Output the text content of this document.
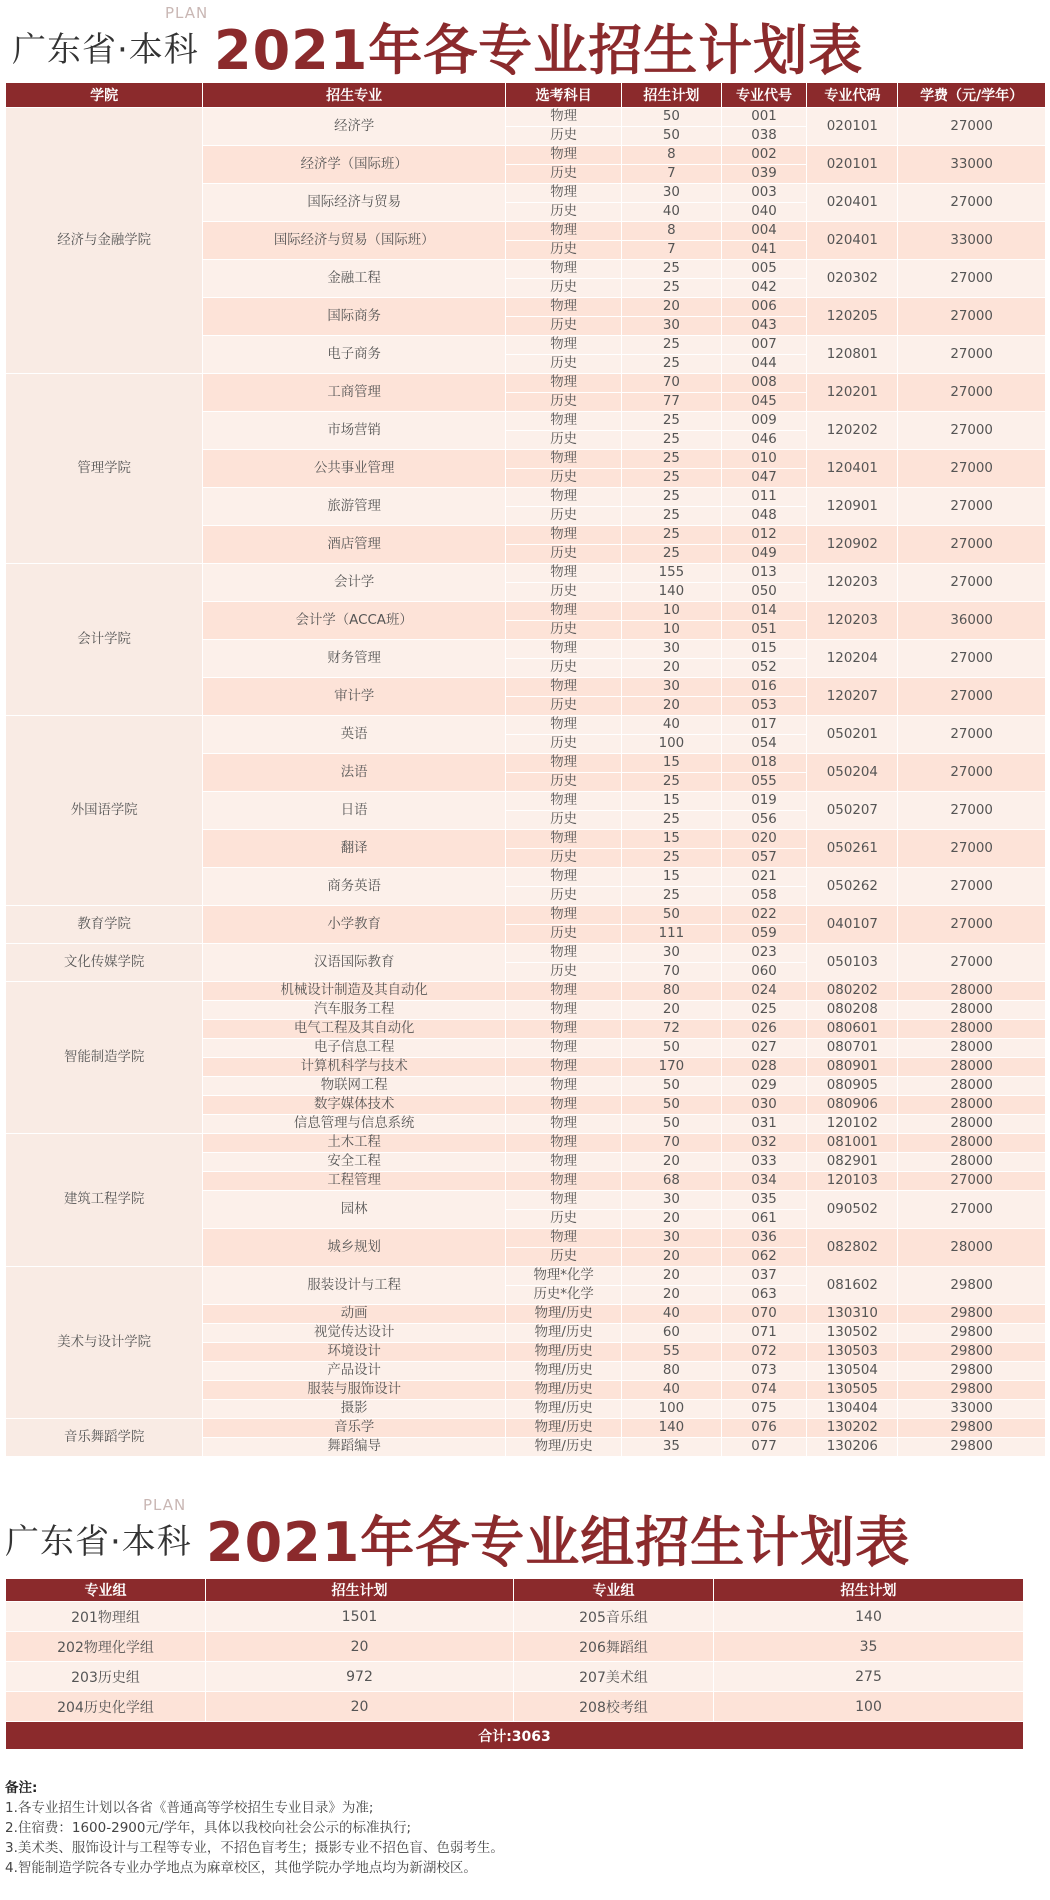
广东省·本科
PLAN
2021年各专业招生计划表
学院	招生专业	选考科目	招生计划	专业代号	专业代码	学费（元/学年）
经济与金融学院	经济学	物理	50	001	020101	27000
		历史	50	038		
	经济学（国际班）	物理	8	002	020101	33000
		历史	7	039		
	国际经济与贸易	物理	30	003	020401	27000
		历史	40	040		
	国际经济与贸易（国际班）	物理	8	004	020401	33000
		历史	7	041		
	金融工程	物理	25	005	020302	27000
		历史	25	042		
	国际商务	物理	20	006	120205	27000
		历史	30	043		
	电子商务	物理	25	007	120801	27000
		历史	25	044		
管理学院	工商管理	物理	70	008	120201	27000
		历史	77	045		
	市场营销	物理	25	009	120202	27000
		历史	25	046		
	公共事业管理	物理	25	010	120401	27000
		历史	25	047		
	旅游管理	物理	25	011	120901	27000
		历史	25	048		
	酒店管理	物理	25	012	120902	27000
		历史	25	049		
会计学院	会计学	物理	155	013	120203	27000
		历史	140	050		
	会计学（ACCA班）	物理	10	014	120203	36000
		历史	10	051		
	财务管理	物理	30	015	120204	27000
		历史	20	052		
	审计学	物理	30	016	120207	27000
		历史	20	053		
外国语学院	英语	物理	40	017	050201	27000
		历史	100	054		
	法语	物理	15	018	050204	27000
		历史	25	055		
	日语	物理	15	019	050207	27000
		历史	25	056		
	翻译	物理	15	020	050261	27000
		历史	25	057		
	商务英语	物理	15	021	050262	27000
		历史	25	058		
教育学院	小学教育	物理	50	022	040107	27000
		历史	111	059		
文化传媒学院	汉语国际教育	物理	30	023	050103	27000
		历史	70	060		
智能制造学院	机械设计制造及其自动化	物理	80	024	080202	28000
	汽车服务工程	物理	20	025	080208	28000
	电气工程及其自动化	物理	72	026	080601	28000
	电子信息工程	物理	50	027	080701	28000
	计算机科学与技术	物理	170	028	080901	28000
	物联网工程	物理	50	029	080905	28000
	数字媒体技术	物理	50	030	080906	28000
	信息管理与信息系统	物理	50	031	120102	28000
建筑工程学院	土木工程	物理	70	032	081001	28000
	安全工程	物理	20	033	082901	28000
	工程管理	物理	68	034	120103	27000
	园林	物理	30	035	090502	27000
		历史	20	061		
	城乡规划	物理	30	036	082802	28000
		历史	20	062		
美术与设计学院	服装设计与工程	物理*化学	20	037	081602	29800
		历史*化学	20	063		
	动画	物理/历史	40	070	130310	29800
	视觉传达设计	物理/历史	60	071	130502	29800
	环境设计	物理/历史	55	072	130503	29800
	产品设计	物理/历史	80	073	130504	29800
	服装与服饰设计	物理/历史	40	074	130505	29800
	摄影	物理/历史	100	075	130404	33000
音乐舞蹈学院	音乐学	物理/历史	140	076	130202	29800
	舞蹈编导	物理/历史	35	077	130206	29800
广东省·本科
PLAN
2021年各专业组招生计划表
专业组	招生计划	专业组	招生计划
201物理组	1501	205音乐组	140
202物理化学组	20	206舞蹈组	35
203历史组	972	207美术组	275
204历史化学组	20	208校考组	100
合计:3063			
备注:
1.各专业招生计划以各省《普通高等学校招生专业目录》为准;
2.住宿费：1600-2900元/学年，具体以我校向社会公示的标准执行;
3.美术类、服饰设计与工程等专业，不招色盲考生；摄影专业不招色盲、色弱考生。
4.智能制造学院各专业办学地点为麻章校区，其他学院办学地点均为新湖校区。
